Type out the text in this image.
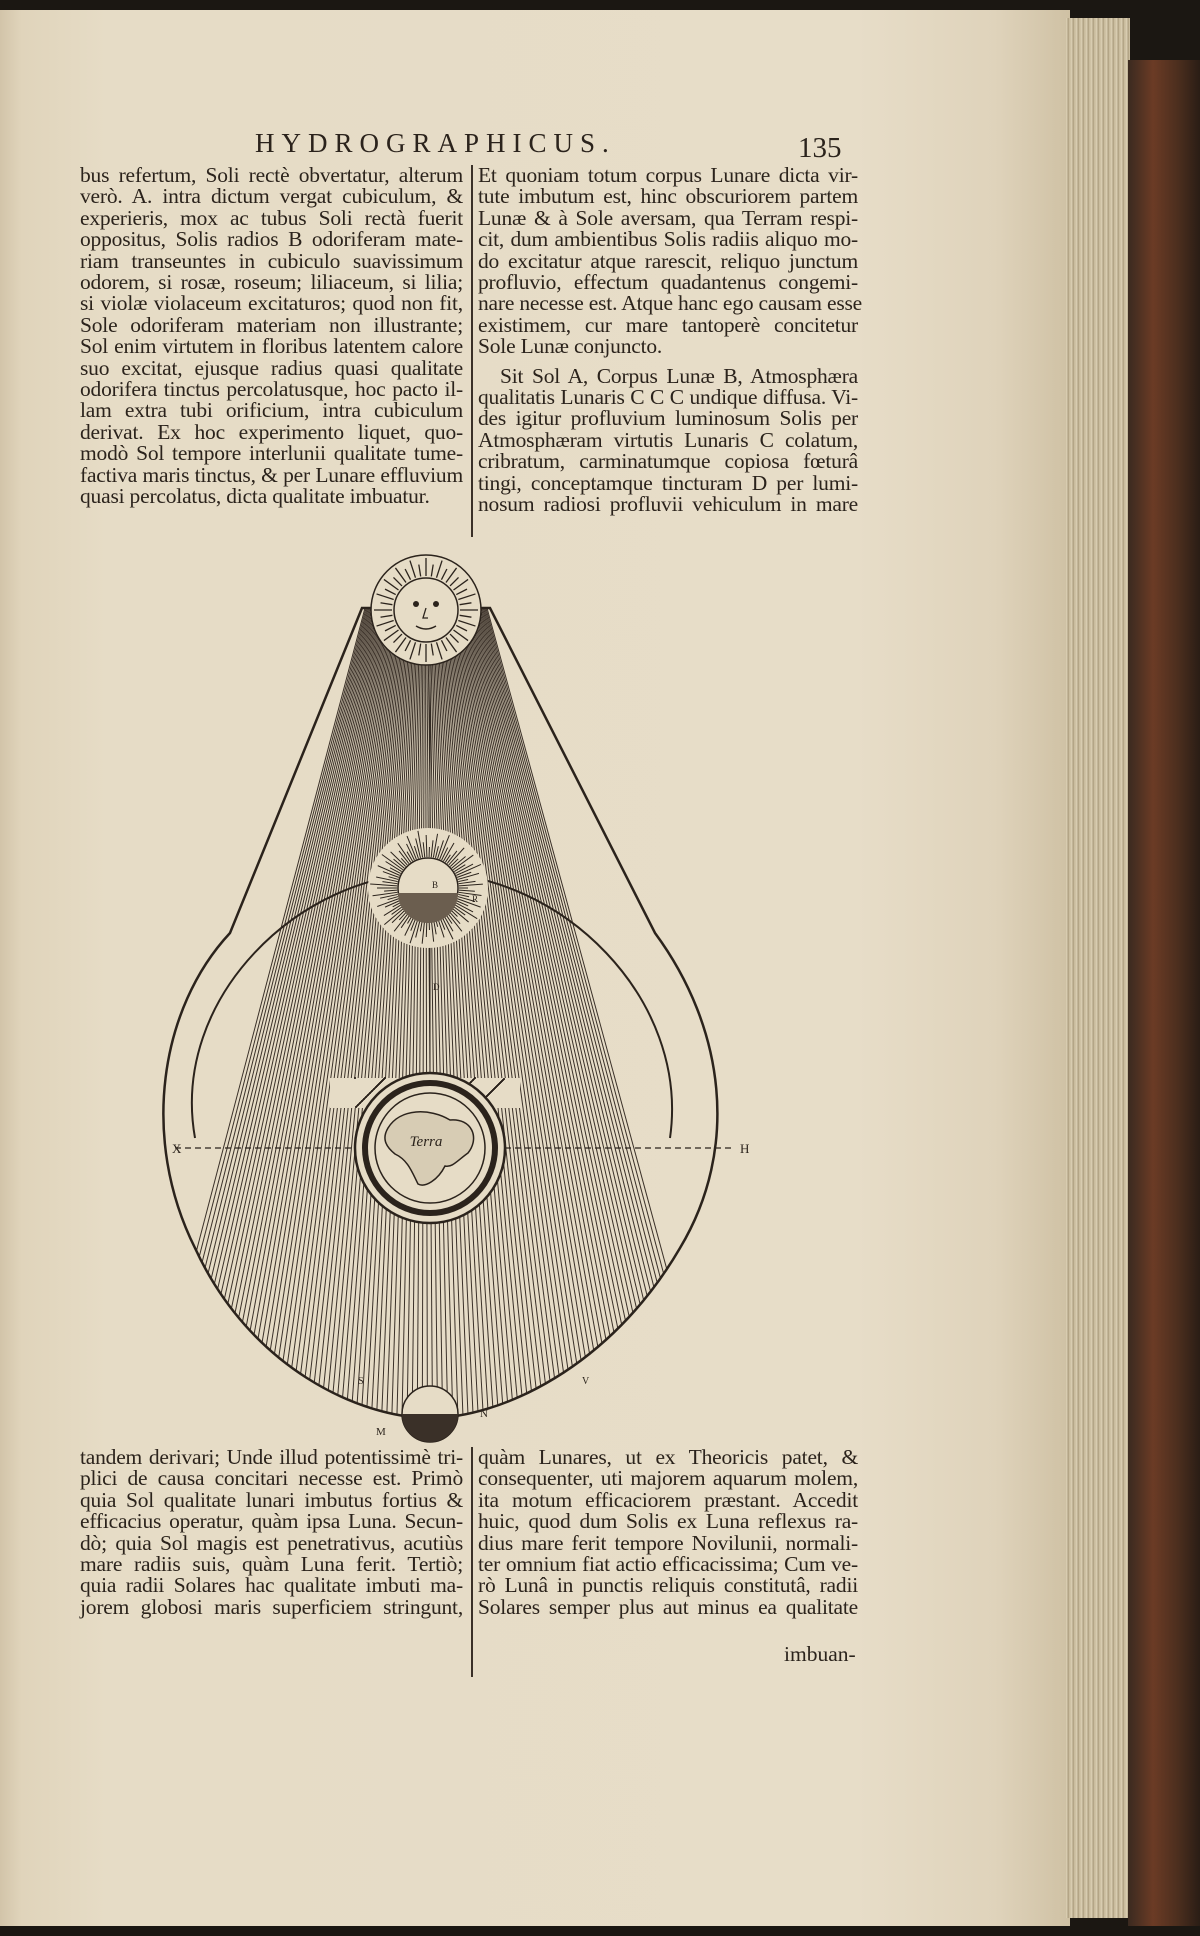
HYDROGRAPHICUS.	135
bus refertum, Soli rectè obvertatur, alterum
verò. A. intra dictum vergat cubiculum, &
experieris, mox ac tubus Soli rectà fuerit
oppositus, Solis radios B odoriferam mate-
riam transeuntes in cubiculo suavissimum
odorem, si rosæ, roseum; liliaceum, si lilia;
si violæ violaceum excitaturos; quod non fit,
Sole odoriferam materiam non illustrante;
Sol enim virtutem in floribus latentem calore
suo excitat, ejusque radius quasi qualitate
odorifera tinctus percolatusque, hoc pacto il-
lam extra tubi orificium, intra cubiculum
derivat. Ex hoc experimento liquet, quo-
modò Sol tempore interlunii qualitate tume-
factiva maris tinctus, & per Lunare effluvium
quasi percolatus, dicta qualitate imbuatur.
Et quoniam totum corpus Lunare dicta vir-
tute imbutum est, hinc obscuriorem partem
Lunæ & à Sole aversam, qua Terram respi-
cit, dum ambientibus Solis radiis aliquo mo-
do excitatur atque rarescit, reliquo junctum
profluvio, effectum quadantenus congemi-
nare necesse est. Atque hanc ego causam esse
existimem, cur mare tantoperè concitetur
Sole Lunæ conjuncto.
Sit Sol A, Corpus Lunæ B, Atmosphæra
qualitatis Lunaris C C C undique diffusa. Vi-
des igitur profluvium luminosum Solis per
Atmosphæram virtutis Lunaris C colatum,
cribratum, carminatumque copiosa fœturâ
tingi, conceptamque tincturam D per lumi-
nosum radiosi profluvii vehiculum in mare
Terra
X	H
B
R
D
M
N
F
S	V
tandem derivari; Unde illud potentissimè tri-
plici de causa concitari necesse est. Primò
quia Sol qualitate lunari imbutus fortius &
efficacius operatur, quàm ipsa Luna. Secun-
dò; quia Sol magis est penetrativus, acutiùs
mare radiis suis, quàm Luna ferit. Tertiò;
quia radii Solares hac qualitate imbuti ma-
jorem globosi maris superficiem stringunt,
quàm Lunares, ut ex Theoricis patet, &
consequenter, uti majorem aquarum molem,
ita motum efficaciorem præstant. Accedit
huic, quod dum Solis ex Luna reflexus ra-
dius mare ferit tempore Novilunii, normali-
ter omnium fiat actio efficacissima; Cum ve-
rò Lunâ in punctis reliquis constitutâ, radii
Solares semper plus aut minus ea qualitate
imbuan-
